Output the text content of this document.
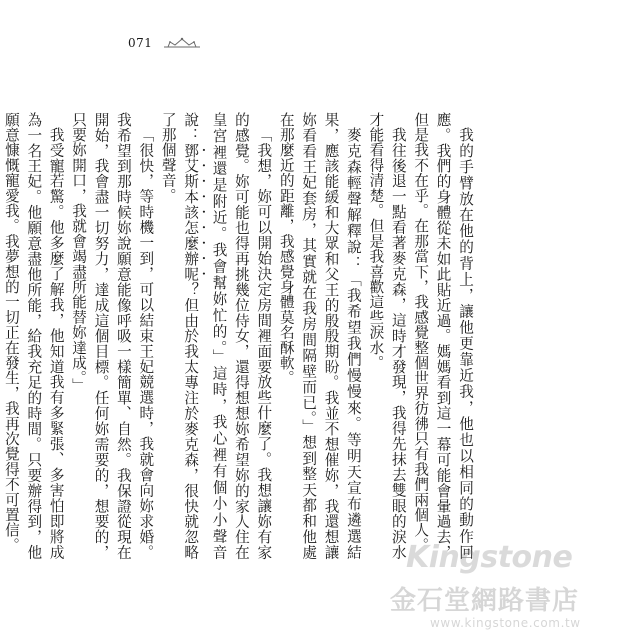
071

我的手臂放在他的背上，讓他更靠近我，他也以相同的動作回應。我們的身體從未如此貼近過。媽媽看到這一幕可能會暈過去，但是我不在乎。在那當下，我感覺整個世界彷彿只有我們兩個人。

我往後退一點看著麥克森，這時才發現，我得先抹去雙眼的淚水才能看得清楚。但是我喜歡這些淚水。

麥克森輕聲解釋說：「我希望我們慢慢來。等明天宣布遴選結果，應該能緩和大眾和父王的殷殷期盼。我並不想催妳，我還想讓妳看看王妃套房，其實就在我房間隔壁而已。」想到整天都和他處在那麼近的距離，我感覺身體莫名酥軟。

「我想，妳可以開始決定房間裡面要放些什麼了。我想讓妳有家的感覺。妳可能也得再挑幾位侍女，還得想想妳希望妳的家人住在皇宮裡還是附近。我會幫妳忙的。」這時，我心裡有個小小聲音說：鄧艾斯本該怎麼辦呢？但由於我太專注於麥克森，很快就忽略了那個聲音。

「很快，等時機一到，可以結束王妃競選時，我就會向妳求婚。我希望到那時候妳說願意能像呼吸一樣簡單、自然。我保證從現在開始，我會盡一切努力，達成這個目標。任何妳需要的，想要的，只要妳開口，我就會竭盡所能替妳達成。」

我受寵若驚。他多麼了解我，他知道我有多緊張、多害怕即將成為一名王妃。他願意盡他所能，給我充足的時間。只要辦得到，他願意慷慨寵愛我。我夢想的一切正在發生，我再次覺得不可置信。

Kingstone
金石堂網路書店
www.kingstone.com.tw
